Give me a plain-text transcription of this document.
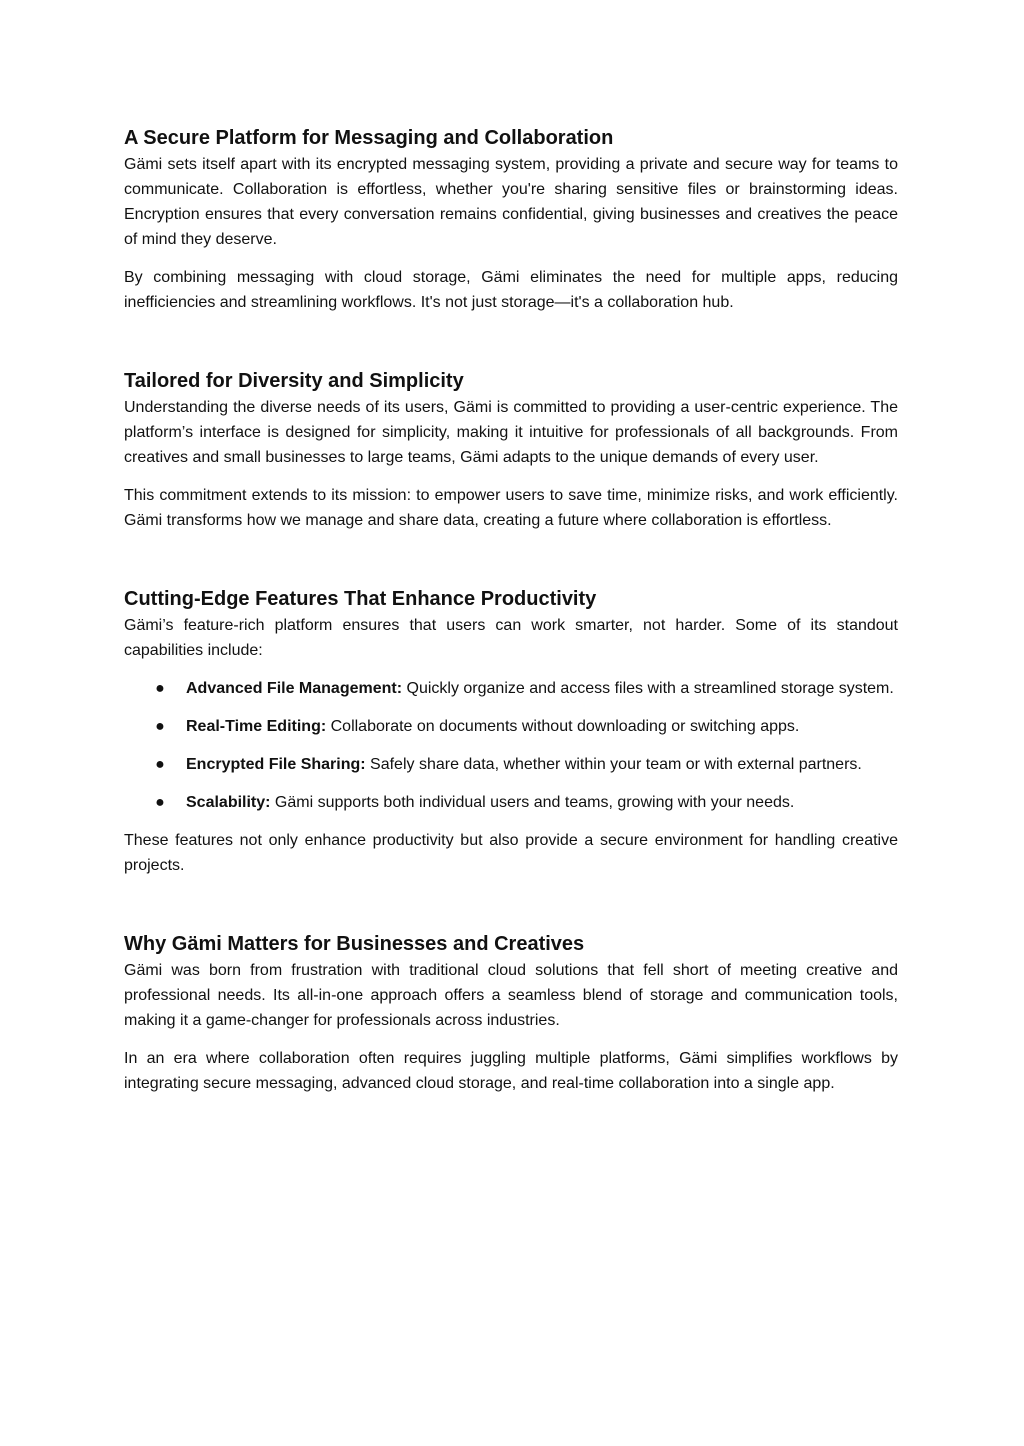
A Secure Platform for Messaging and Collaboration

Gämi sets itself apart with its encrypted messaging system, providing a private and secure way for teams to communicate. Collaboration is effortless, whether you're sharing sensitive files or brainstorming ideas. Encryption ensures that every conversation remains confidential, giving businesses and creatives the peace of mind they deserve.

By combining messaging with cloud storage, Gämi eliminates the need for multiple apps, reducing inefficiencies and streamlining workflows. It's not just storage—it's a collaboration hub.

Tailored for Diversity and Simplicity

Understanding the diverse needs of its users, Gämi is committed to providing a user-centric experience. The platform’s interface is designed for simplicity, making it intuitive for professionals of all backgrounds. From creatives and small businesses to large teams, Gämi adapts to the unique demands of every user.

This commitment extends to its mission: to empower users to save time, minimize risks, and work efficiently. Gämi transforms how we manage and share data, creating a future where collaboration is effortless.

Cutting-Edge Features That Enhance Productivity

Gämi’s feature-rich platform ensures that users can work smarter, not harder. Some of its standout capabilities include:

● Advanced File Management: Quickly organize and access files with a streamlined storage system.
● Real-Time Editing: Collaborate on documents without downloading or switching apps.
● Encrypted File Sharing: Safely share data, whether within your team or with external partners.
● Scalability: Gämi supports both individual users and teams, growing with your needs.

These features not only enhance productivity but also provide a secure environment for handling creative projects.

Why Gämi Matters for Businesses and Creatives

Gämi was born from frustration with traditional cloud solutions that fell short of meeting creative and professional needs. Its all-in-one approach offers a seamless blend of storage and communication tools, making it a game-changer for professionals across industries.

In an era where collaboration often requires juggling multiple platforms, Gämi simplifies workflows by integrating secure messaging, advanced cloud storage, and real-time collaboration into a single app.
